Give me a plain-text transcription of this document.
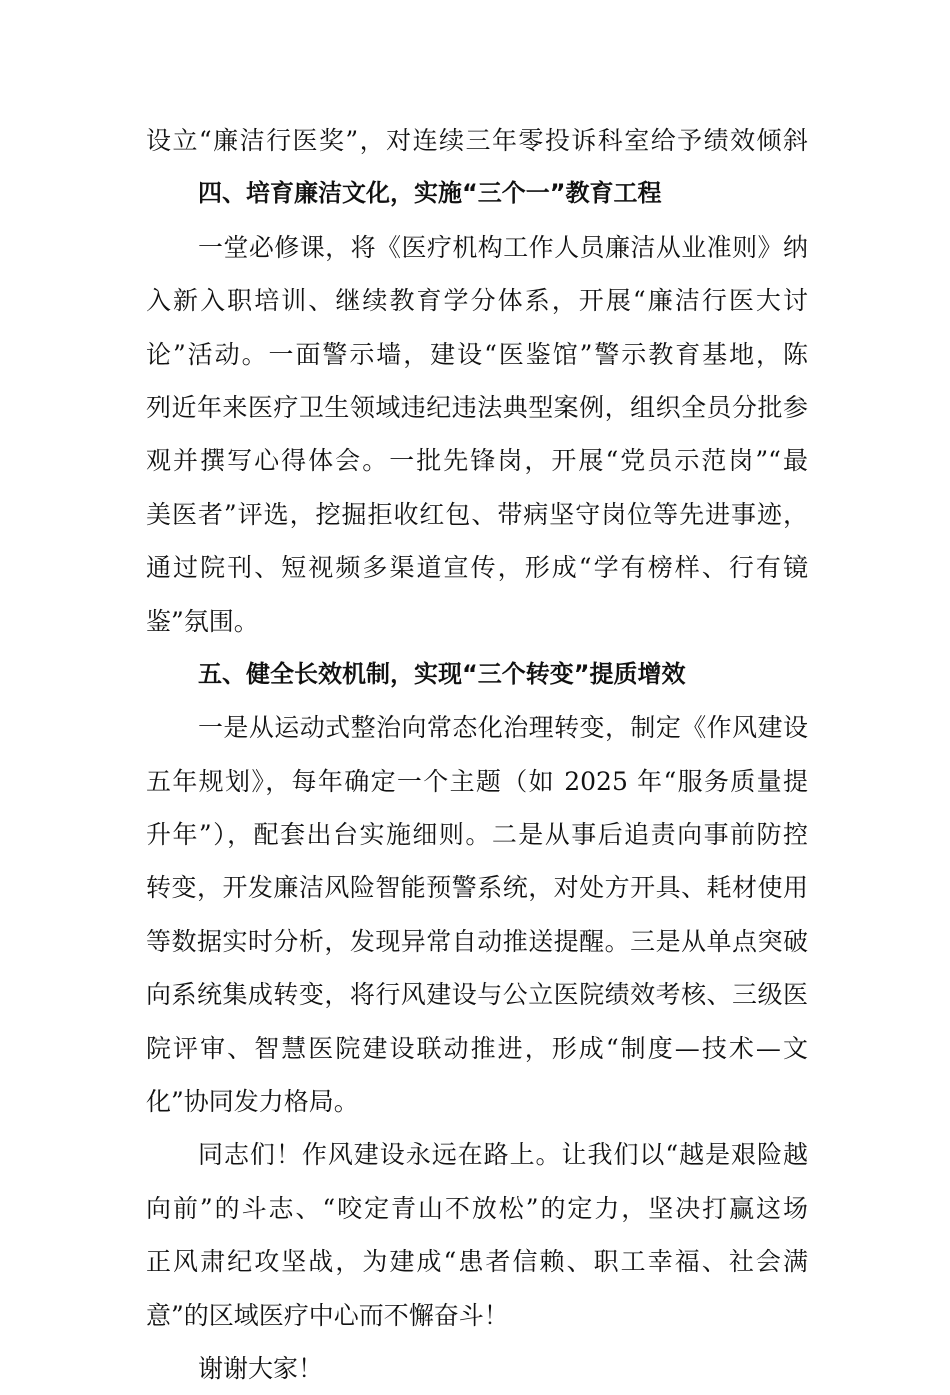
设立“廉洁行医奖”，对连续三年零投诉科室给予绩效倾斜
四、培育廉洁文化，实施“三个一”教育工程
一堂必修课，将《医疗机构工作人员廉洁从业准则》纳
入新入职培训、继续教育学分体系，开展“廉洁行医大讨
论”活动。一面警示墙，建设“医鉴馆”警示教育基地，陈
列近年来医疗卫生领域违纪违法典型案例，组织全员分批参
观并撰写心得体会。一批先锋岗，开展“党员示范岗”“最
美医者”评选，挖掘拒收红包、带病坚守岗位等先进事迹，
通过院刊、短视频多渠道宣传，形成“学有榜样、行有镜
鉴”氛围。
五、健全长效机制，实现“三个转变”提质增效
一是从运动式整治向常态化治理转变，制定《作风建设
五年规划》，每年确定一个主题（如 2025 年“服务质量提
升年”），配套出台实施细则。二是从事后追责向事前防控
转变，开发廉洁风险智能预警系统，对处方开具、耗材使用
等数据实时分析，发现异常自动推送提醒。三是从单点突破
向系统集成转变，将行风建设与公立医院绩效考核、三级医
院评审、智慧医院建设联动推进，形成“制度—技术—文
化”协同发力格局。
同志们！作风建设永远在路上。让我们以“越是艰险越
向前”的斗志、“咬定青山不放松”的定力，坚决打赢这场
正风肃纪攻坚战，为建成“患者信赖、职工幸福、社会满
意”的区域医疗中心而不懈奋斗！
谢谢大家！
